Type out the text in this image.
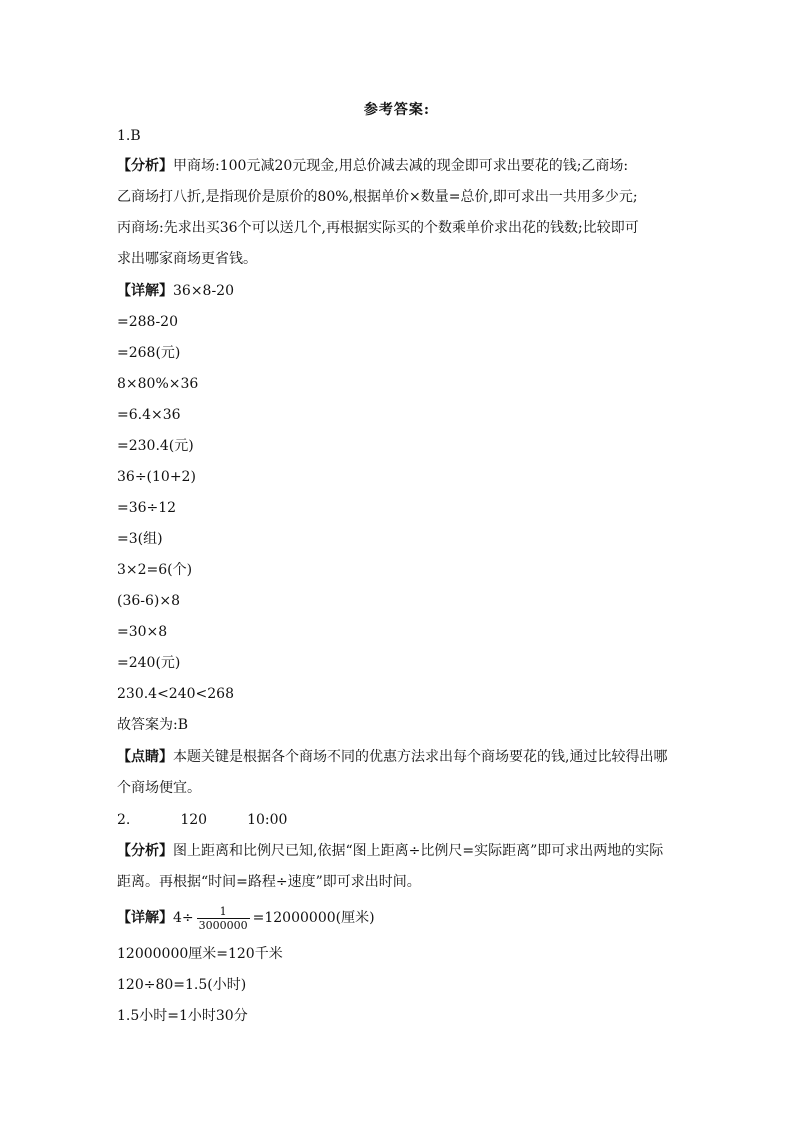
参考答案:
1.B
【分析】甲商场:100元减20元现金,用总价减去减的现金即可求出要花的钱;乙商场:
乙商场打八折,是指现价是原价的80%,根据单价×数量=总价,即可求出一共用多少元;
丙商场:先求出买36个可以送几个,再根据实际买的个数乘单价求出花的钱数;比较即可
求出哪家商场更省钱。
【详解】36×8-20
=288-20
=268(元)
8×80%×36
=6.4×36
=230.4(元)
36÷(10+2)
=36÷12
=3(组)
3×2=6(个)
(36-6)×8
=30×8
=240(元)
230.4<240<268
故答案为:B
【点睛】本题关键是根据各个商场不同的优惠方法求出每个商场要花的钱,通过比较得出哪
个商场便宜。
2.	120	10:00
【分析】图上距离和比例尺已知,依据“图上距离÷比例尺=实际距离”即可求出两地的实际
距离。再根据“时间=路程÷速度”即可求出时间。
【详解】$4\div \frac{1}{3000000} =12000000$(厘米)
12000000厘米=120千米
120÷80=1.5(小时)
1.5小时=1小时30分
